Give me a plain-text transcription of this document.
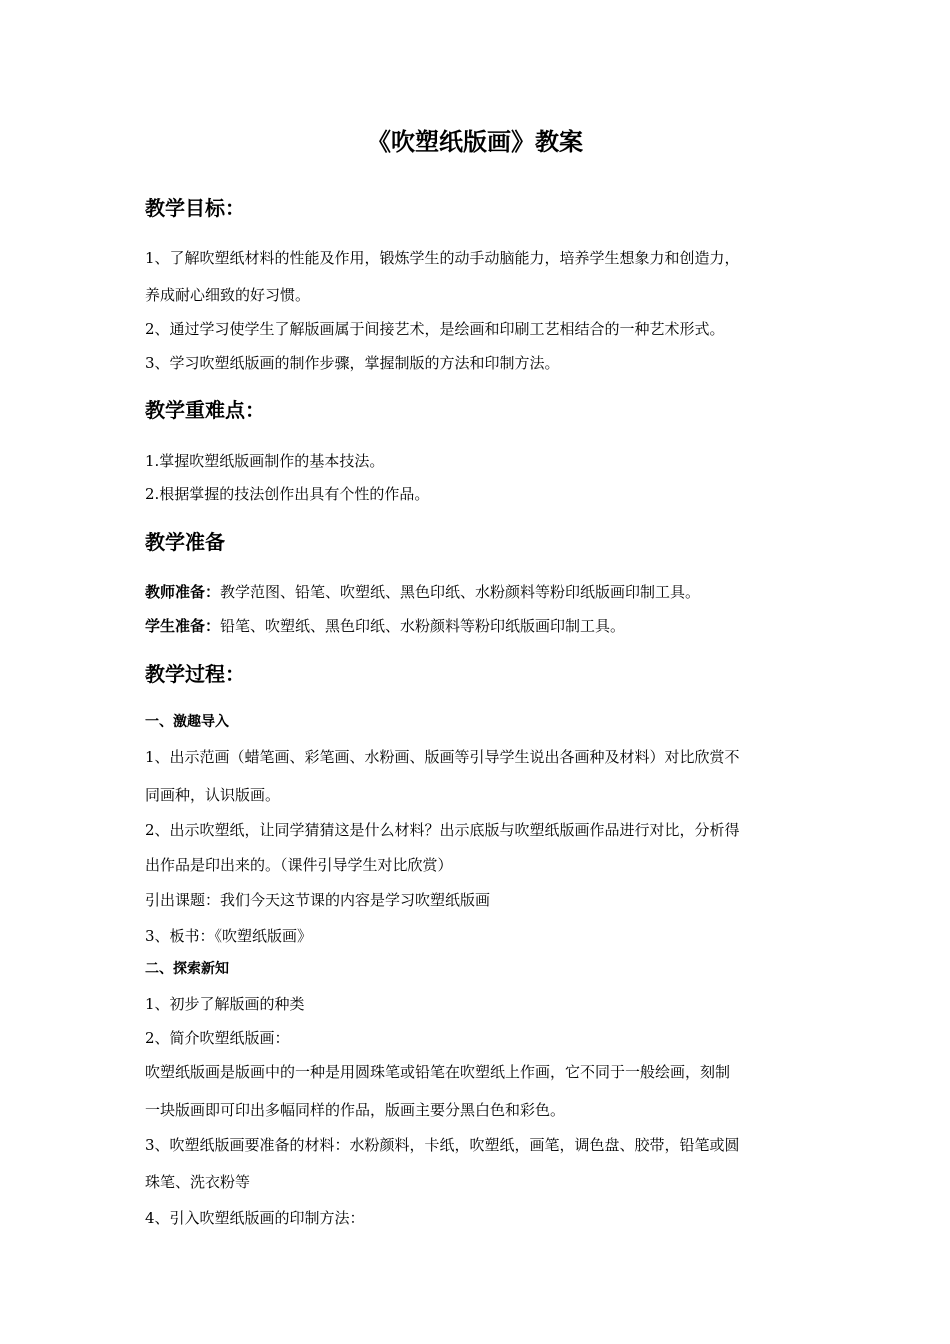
《吹塑纸版画》教案
教学目标：
1、了解吹塑纸材料的性能及作用，锻炼学生的动手动脑能力，培养学生想象力和创造力，
养成耐心细致的好习惯。
2、通过学习使学生了解版画属于间接艺术，是绘画和印刷工艺相结合的一种艺术形式。
3、学习吹塑纸版画的制作步骤，掌握制版的方法和印制方法。
教学重难点：
1.掌握吹塑纸版画制作的基本技法。
2.根据掌握的技法创作出具有个性的作品。
教学准备
教师准备：教学范图、铅笔、吹塑纸、黑色印纸、水粉颜料等粉印纸版画印制工具。
学生准备：铅笔、吹塑纸、黑色印纸、水粉颜料等粉印纸版画印制工具。
教学过程：
一、激趣导入
1、出示范画（蜡笔画、彩笔画、水粉画、版画等引导学生说出各画种及材料）对比欣赏不
同画种，认识版画。
2、出示吹塑纸，让同学猜猜这是什么材料？出示底版与吹塑纸版画作品进行对比，分析得
出作品是印出来的。（课件引导学生对比欣赏）
引出课题：我们今天这节课的内容是学习吹塑纸版画
3、板书：《吹塑纸版画》
二、探索新知
1、初步了解版画的种类
2、简介吹塑纸版画：
吹塑纸版画是版画中的一种是用圆珠笔或铅笔在吹塑纸上作画，它不同于一般绘画，刻制
一块版画即可印出多幅同样的作品，版画主要分黑白色和彩色。
3、吹塑纸版画要准备的材料：水粉颜料，卡纸，吹塑纸，画笔，调色盘、胶带，铅笔或圆
珠笔、洗衣粉等
4、引入吹塑纸版画的印制方法：
